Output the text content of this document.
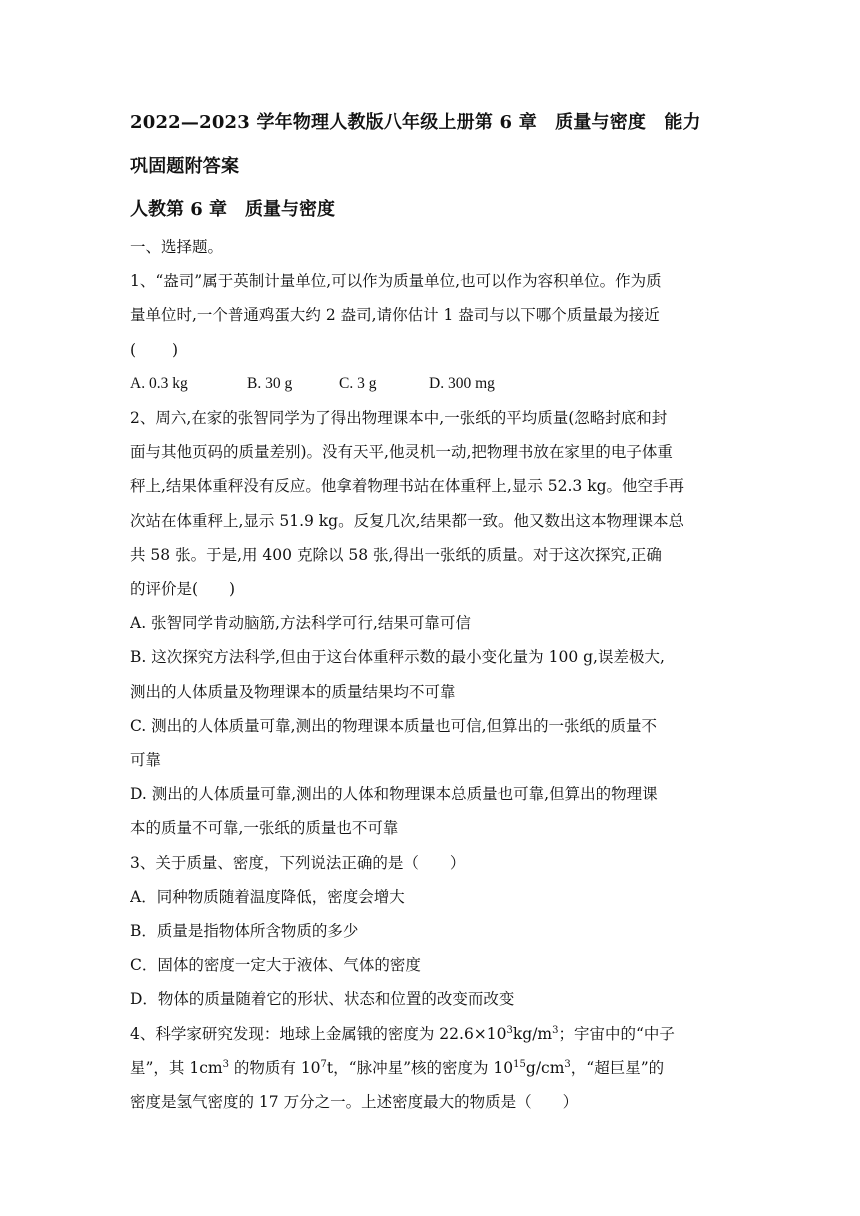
2022—2023 学年物理人教版八年级上册第 6 章　质量与密度　能力

巩固题附答案

人教第 6 章　质量与密度

一、选择题。

1、“盎司”属于英制计量单位,可以作为质量单位,也可以作为容积单位。作为质

量单位时,一个普通鸡蛋大约 2 盎司,请你估计 1 盎司与以下哪个质量最为接近

(　　 )

A. 0.3 kg	B. 30 g	C. 3 g	D. 300 mg

2、周六,在家的张智同学为了得出物理课本中,一张纸的平均质量(忽略封底和封

面与其他页码的质量差别)。没有天平,他灵机一动,把物理书放在家里的电子体重

秤上,结果体重秤没有反应。他拿着物理书站在体重秤上,显示 52.3 kg。他空手再

次站在体重秤上,显示 51.9 kg。反复几次,结果都一致。他又数出这本物理课本总

共 58 张。于是,用 400 克除以 58 张,得出一张纸的质量。对于这次探究,正确

的评价是(　　)

A. 张智同学肯动脑筋,方法科学可行,结果可靠可信

B. 这次探究方法科学,但由于这台体重秤示数的最小变化量为 100 g,误差极大,

测出的人体质量及物理课本的质量结果均不可靠

C. 测出的人体质量可靠,测出的物理课本质量也可信,但算出的一张纸的质量不

可靠

D. 测出的人体质量可靠,测出的人体和物理课本总质量也可靠,但算出的物理课

本的质量不可靠,一张纸的质量也不可靠

3、关于质量、密度，下列说法正确的是（　　）

A．同种物质随着温度降低，密度会增大

B．质量是指物体所含物质的多少

C．固体的密度一定大于液体、气体的密度

D．物体的质量随着它的形状、状态和位置的改变而改变

4、科学家研究发现：地球上金属锇的密度为 $22.6\times 10^3kg/m^3$；宇宙中的“中子

星”，其 $1cm^3$ 的物质有 $10^7t$，“脉冲星”核的密度为 $10^{15}g/cm^3$，“超巨星”的

密度是氢气密度的 17 万分之一。上述密度最大的物质是（　　）
